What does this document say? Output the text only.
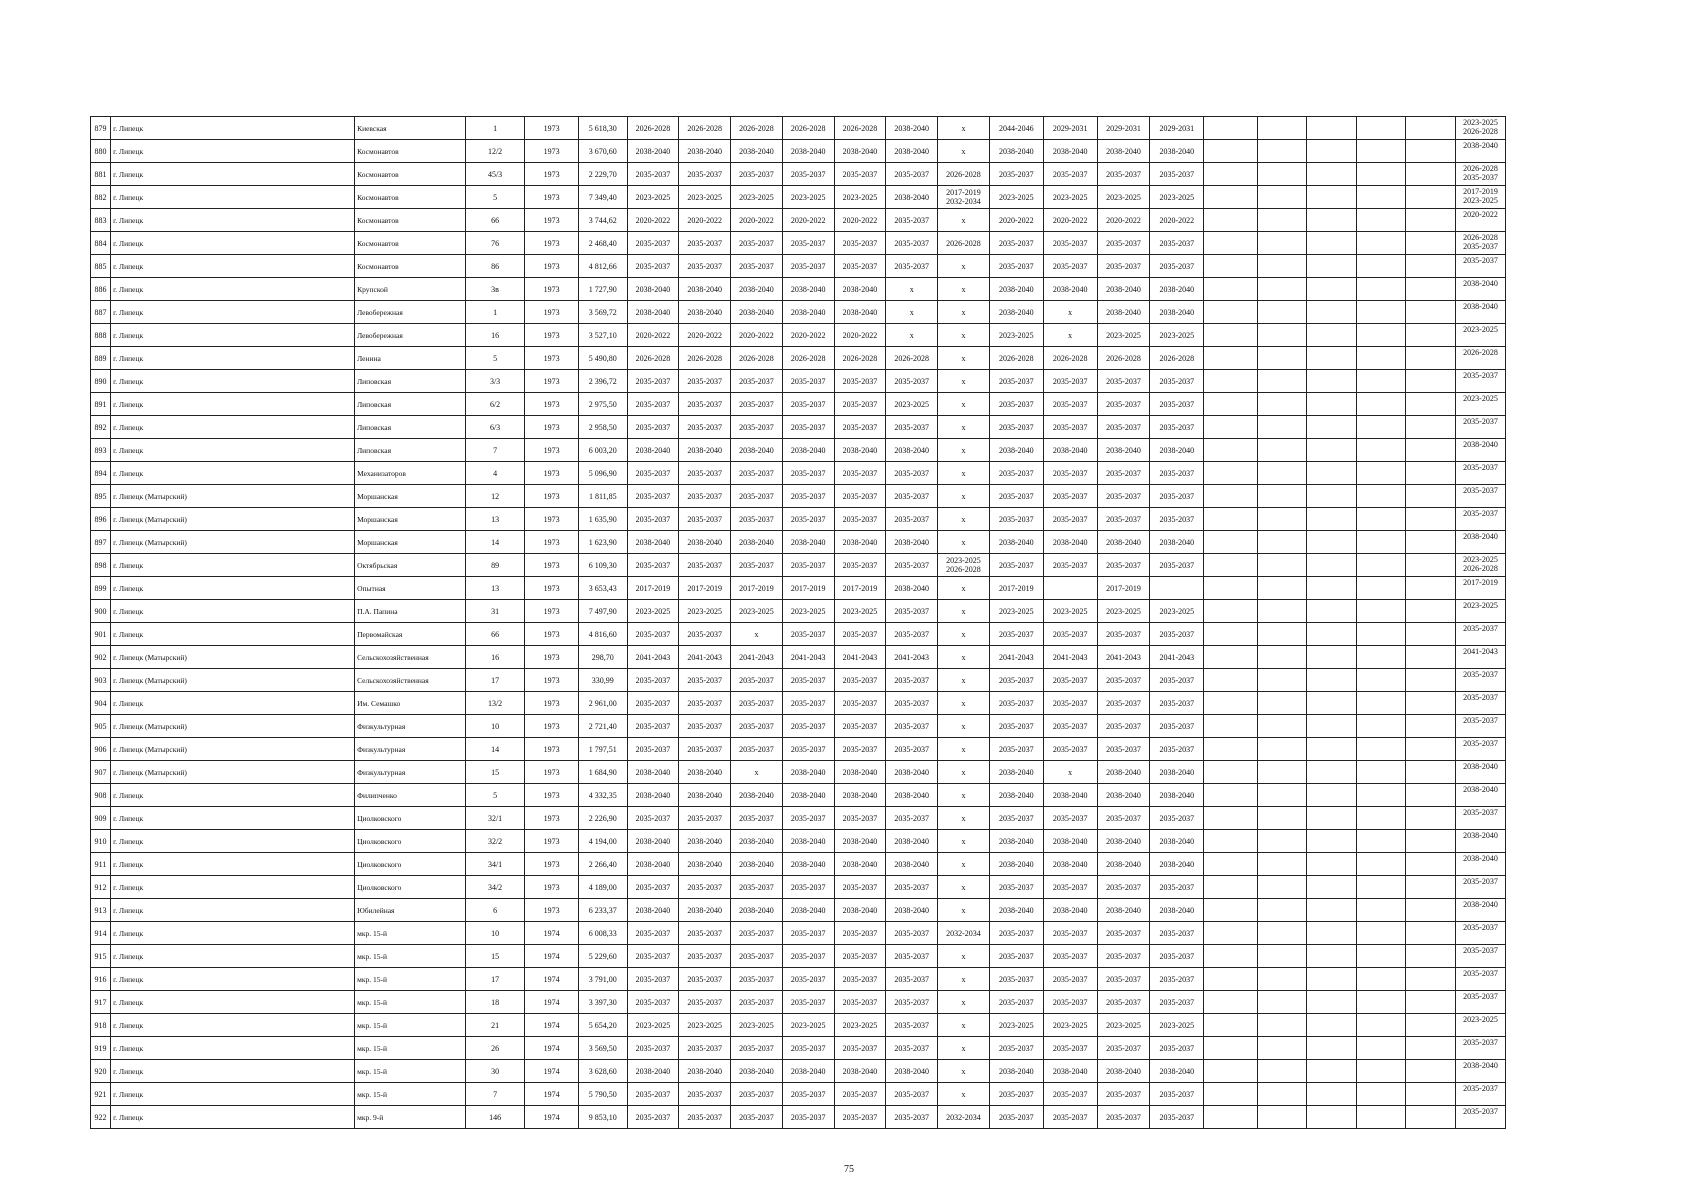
879	г. Липецк	Киевская	1	1973	5 618,30	2026-2028	2026-2028	2026-2028	2026-2028	2026-2028	2038-2040	x	2044-2046	2029-2031	2029-2031	2029-2031						2023-2025 2026-2028
880	г. Липецк	Космонавтов	12/2	1973	3 670,60	2038-2040	2038-2040	2038-2040	2038-2040	2038-2040	2038-2040	x	2038-2040	2038-2040	2038-2040	2038-2040						2038-2040
881	г. Липецк	Космонавтов	45/3	1973	2 229,70	2035-2037	2035-2037	2035-2037	2035-2037	2035-2037	2035-2037	2026-2028	2035-2037	2035-2037	2035-2037	2035-2037						2026-2028 2035-2037
882	г. Липецк	Космонавтов	5	1973	7 349,40	2023-2025	2023-2025	2023-2025	2023-2025	2023-2025	2038-2040	2017-2019 2032-2034	2023-2025	2023-2025	2023-2025	2023-2025						2017-2019 2023-2025
883	г. Липецк	Космонавтов	66	1973	3 744,62	2020-2022	2020-2022	2020-2022	2020-2022	2020-2022	2035-2037	x	2020-2022	2020-2022	2020-2022	2020-2022						2020-2022
884	г. Липецк	Космонавтов	76	1973	2 468,40	2035-2037	2035-2037	2035-2037	2035-2037	2035-2037	2035-2037	2026-2028	2035-2037	2035-2037	2035-2037	2035-2037						2026-2028 2035-2037
885	г. Липецк	Космонавтов	86	1973	4 812,66	2035-2037	2035-2037	2035-2037	2035-2037	2035-2037	2035-2037	x	2035-2037	2035-2037	2035-2037	2035-2037						2035-2037
886	г. Липецк	Крупской	3в	1973	1 727,90	2038-2040	2038-2040	2038-2040	2038-2040	2038-2040	x	x	2038-2040	2038-2040	2038-2040	2038-2040						2038-2040
887	г. Липецк	Левобережная	1	1973	3 569,72	2038-2040	2038-2040	2038-2040	2038-2040	2038-2040	x	x	2038-2040	x	2038-2040	2038-2040						2038-2040
888	г. Липецк	Левобережная	16	1973	3 527,10	2020-2022	2020-2022	2020-2022	2020-2022	2020-2022	x	x	2023-2025	x	2023-2025	2023-2025						2023-2025
889	г. Липецк	Ленина	5	1973	5 490,80	2026-2028	2026-2028	2026-2028	2026-2028	2026-2028	2026-2028	x	2026-2028	2026-2028	2026-2028	2026-2028						2026-2028
890	г. Липецк	Липовская	3/3	1973	2 396,72	2035-2037	2035-2037	2035-2037	2035-2037	2035-2037	2035-2037	x	2035-2037	2035-2037	2035-2037	2035-2037						2035-2037
891	г. Липецк	Липовская	6/2	1973	2 975,50	2035-2037	2035-2037	2035-2037	2035-2037	2035-2037	2023-2025	x	2035-2037	2035-2037	2035-2037	2035-2037						2023-2025
892	г. Липецк	Липовская	6/3	1973	2 958,50	2035-2037	2035-2037	2035-2037	2035-2037	2035-2037	2035-2037	x	2035-2037	2035-2037	2035-2037	2035-2037						2035-2037
893	г. Липецк	Липовская	7	1973	6 003,20	2038-2040	2038-2040	2038-2040	2038-2040	2038-2040	2038-2040	x	2038-2040	2038-2040	2038-2040	2038-2040						2038-2040
894	г. Липецк	Механизаторов	4	1973	5 096,90	2035-2037	2035-2037	2035-2037	2035-2037	2035-2037	2035-2037	x	2035-2037	2035-2037	2035-2037	2035-2037						2035-2037
895	г. Липецк (Матырский)	Моршанская	12	1973	1 811,85	2035-2037	2035-2037	2035-2037	2035-2037	2035-2037	2035-2037	x	2035-2037	2035-2037	2035-2037	2035-2037						2035-2037
896	г. Липецк (Матырский)	Моршанская	13	1973	1 635,90	2035-2037	2035-2037	2035-2037	2035-2037	2035-2037	2035-2037	x	2035-2037	2035-2037	2035-2037	2035-2037						2035-2037
897	г. Липецк (Матырский)	Моршанская	14	1973	1 623,90	2038-2040	2038-2040	2038-2040	2038-2040	2038-2040	2038-2040	x	2038-2040	2038-2040	2038-2040	2038-2040						2038-2040
898	г. Липецк	Октябрьская	89	1973	6 109,30	2035-2037	2035-2037	2035-2037	2035-2037	2035-2037	2035-2037	2023-2025 2026-2028	2035-2037	2035-2037	2035-2037	2035-2037						2023-2025 2026-2028
899	г. Липецк	Опытная	13	1973	3 653,43	2017-2019	2017-2019	2017-2019	2017-2019	2017-2019	2038-2040	x	2017-2019		2017-2019							2017-2019
900	г. Липецк	П.А. Папина	31	1973	7 497,90	2023-2025	2023-2025	2023-2025	2023-2025	2023-2025	2035-2037	x	2023-2025	2023-2025	2023-2025	2023-2025						2023-2025
901	г. Липецк	Первомайская	66	1973	4 816,60	2035-2037	2035-2037	x	2035-2037	2035-2037	2035-2037	x	2035-2037	2035-2037	2035-2037	2035-2037						2035-2037
902	г. Липецк (Матырский)	Сельскохозяйственная	16	1973	298,70	2041-2043	2041-2043	2041-2043	2041-2043	2041-2043	2041-2043	x	2041-2043	2041-2043	2041-2043	2041-2043						2041-2043
903	г. Липецк (Матырский)	Сельскохозяйственная	17	1973	330,99	2035-2037	2035-2037	2035-2037	2035-2037	2035-2037	2035-2037	x	2035-2037	2035-2037	2035-2037	2035-2037						2035-2037
904	г. Липецк	Им. Семашко	13/2	1973	2 961,00	2035-2037	2035-2037	2035-2037	2035-2037	2035-2037	2035-2037	x	2035-2037	2035-2037	2035-2037	2035-2037						2035-2037
905	г. Липецк (Матырский)	Физкультурная	10	1973	2 721,40	2035-2037	2035-2037	2035-2037	2035-2037	2035-2037	2035-2037	x	2035-2037	2035-2037	2035-2037	2035-2037						2035-2037
906	г. Липецк (Матырский)	Физкультурная	14	1973	1 797,51	2035-2037	2035-2037	2035-2037	2035-2037	2035-2037	2035-2037	x	2035-2037	2035-2037	2035-2037	2035-2037						2035-2037
907	г. Липецк (Матырский)	Физкультурная	15	1973	1 684,90	2038-2040	2038-2040	x	2038-2040	2038-2040	2038-2040	x	2038-2040	x	2038-2040	2038-2040						2038-2040
908	г. Липецк	Филипченко	5	1973	4 332,35	2038-2040	2038-2040	2038-2040	2038-2040	2038-2040	2038-2040	x	2038-2040	2038-2040	2038-2040	2038-2040						2038-2040
909	г. Липецк	Циолковского	32/1	1973	2 226,90	2035-2037	2035-2037	2035-2037	2035-2037	2035-2037	2035-2037	x	2035-2037	2035-2037	2035-2037	2035-2037						2035-2037
910	г. Липецк	Циолковского	32/2	1973	4 194,00	2038-2040	2038-2040	2038-2040	2038-2040	2038-2040	2038-2040	x	2038-2040	2038-2040	2038-2040	2038-2040						2038-2040
911	г. Липецк	Циолковского	34/1	1973	2 266,40	2038-2040	2038-2040	2038-2040	2038-2040	2038-2040	2038-2040	x	2038-2040	2038-2040	2038-2040	2038-2040						2038-2040
912	г. Липецк	Циолковского	34/2	1973	4 189,00	2035-2037	2035-2037	2035-2037	2035-2037	2035-2037	2035-2037	x	2035-2037	2035-2037	2035-2037	2035-2037						2035-2037
913	г. Липецк	Юбилейная	6	1973	6 233,37	2038-2040	2038-2040	2038-2040	2038-2040	2038-2040	2038-2040	x	2038-2040	2038-2040	2038-2040	2038-2040						2038-2040
914	г. Липецк	мкр. 15-й	10	1974	6 008,33	2035-2037	2035-2037	2035-2037	2035-2037	2035-2037	2035-2037	2032-2034	2035-2037	2035-2037	2035-2037	2035-2037						2035-2037
915	г. Липецк	мкр. 15-й	15	1974	5 229,60	2035-2037	2035-2037	2035-2037	2035-2037	2035-2037	2035-2037	x	2035-2037	2035-2037	2035-2037	2035-2037						2035-2037
916	г. Липецк	мкр. 15-й	17	1974	3 791,00	2035-2037	2035-2037	2035-2037	2035-2037	2035-2037	2035-2037	x	2035-2037	2035-2037	2035-2037	2035-2037						2035-2037
917	г. Липецк	мкр. 15-й	18	1974	3 397,30	2035-2037	2035-2037	2035-2037	2035-2037	2035-2037	2035-2037	x	2035-2037	2035-2037	2035-2037	2035-2037						2035-2037
918	г. Липецк	мкр. 15-й	21	1974	5 654,20	2023-2025	2023-2025	2023-2025	2023-2025	2023-2025	2035-2037	x	2023-2025	2023-2025	2023-2025	2023-2025						2023-2025
919	г. Липецк	мкр. 15-й	26	1974	3 569,50	2035-2037	2035-2037	2035-2037	2035-2037	2035-2037	2035-2037	x	2035-2037	2035-2037	2035-2037	2035-2037						2035-2037
920	г. Липецк	мкр. 15-й	30	1974	3 628,60	2038-2040	2038-2040	2038-2040	2038-2040	2038-2040	2038-2040	x	2038-2040	2038-2040	2038-2040	2038-2040						2038-2040
921	г. Липецк	мкр. 15-й	7	1974	5 790,50	2035-2037	2035-2037	2035-2037	2035-2037	2035-2037	2035-2037	x	2035-2037	2035-2037	2035-2037	2035-2037						2035-2037
922	г. Липецк	мкр. 9-й	146	1974	9 853,10	2035-2037	2035-2037	2035-2037	2035-2037	2035-2037	2035-2037	2032-2034	2035-2037	2035-2037	2035-2037	2035-2037						2035-2037
75
